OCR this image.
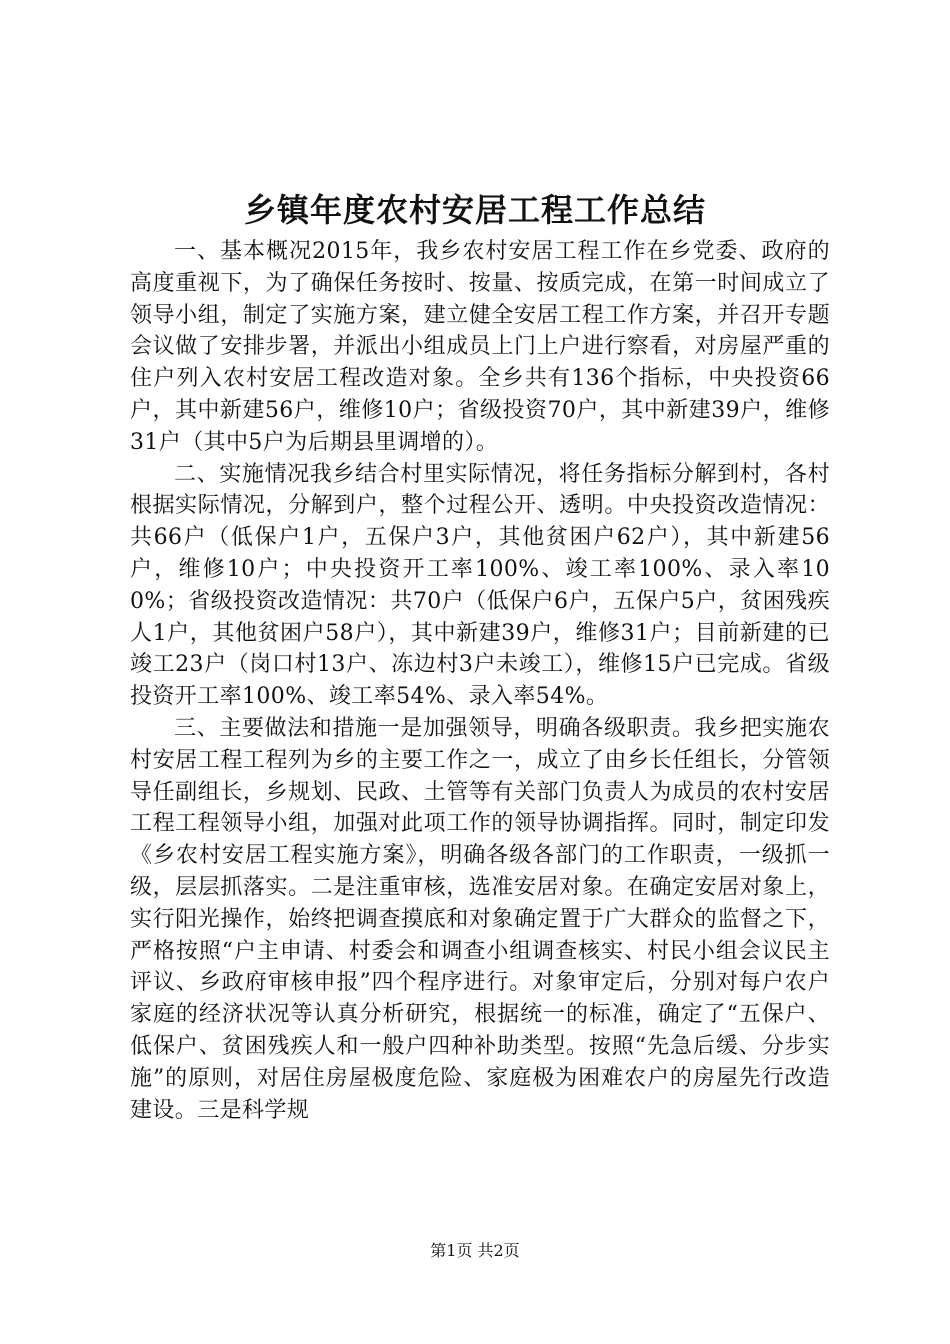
乡镇年度农村安居工程工作总结

一、基本概况2015年，我乡农村安居工程工作在乡党委、政府的高度重视下，为了确保任务按时、按量、按质完成，在第一时间成立了领导小组，制定了实施方案，建立健全安居工程工作方案，并召开专题会议做了安排步署，并派出小组成员上门上户进行察看，对房屋严重的住户列入农村安居工程改造对象。全乡共有136个指标，中央投资66户，其中新建56户，维修10户；省级投资70户，其中新建39户，维修31户（其中5户为后期县里调增的）。

二、实施情况我乡结合村里实际情况，将任务指标分解到村，各村根据实际情况，分解到户，整个过程公开、透明。中央投资改造情况：共66户（低保户1户，五保户3户，其他贫困户62户），其中新建56户，维修10户；中央投资开工率100%、竣工率100%、录入率100%；省级投资改造情况：共70户（低保户6户，五保户5户，贫困残疾人1户，其他贫困户58户），其中新建39户，维修31户；目前新建的已竣工23户（岗口村13户、冻边村3户未竣工），维修15户已完成。省级投资开工率100%、竣工率54%、录入率54%。

三、主要做法和措施一是加强领导，明确各级职责。我乡把实施农村安居工程工程列为乡的主要工作之一，成立了由乡长任组长，分管领导任副组长，乡规划、民政、土管等有关部门负责人为成员的农村安居工程工程领导小组，加强对此项工作的领导协调指挥。同时，制定印发《乡农村安居工程实施方案》，明确各级各部门的工作职责，一级抓一级，层层抓落实。二是注重审核，选准安居对象。在确定安居对象上，实行阳光操作，始终把调查摸底和对象确定置于广大群众的监督之下，严格按照“户主申请、村委会和调查小组调查核实、村民小组会议民主评议、乡政府审核申报”四个程序进行。对象审定后，分别对每户农户家庭的经济状况等认真分析研究，根据统一的标准，确定了“五保户、低保户、贫困残疾人和一般户四种补助类型。按照“先急后缓、分步实施”的原则，对居住房屋极度危险、家庭极为困难农户的房屋先行改造建设。三是科学规

第1页 共2页
